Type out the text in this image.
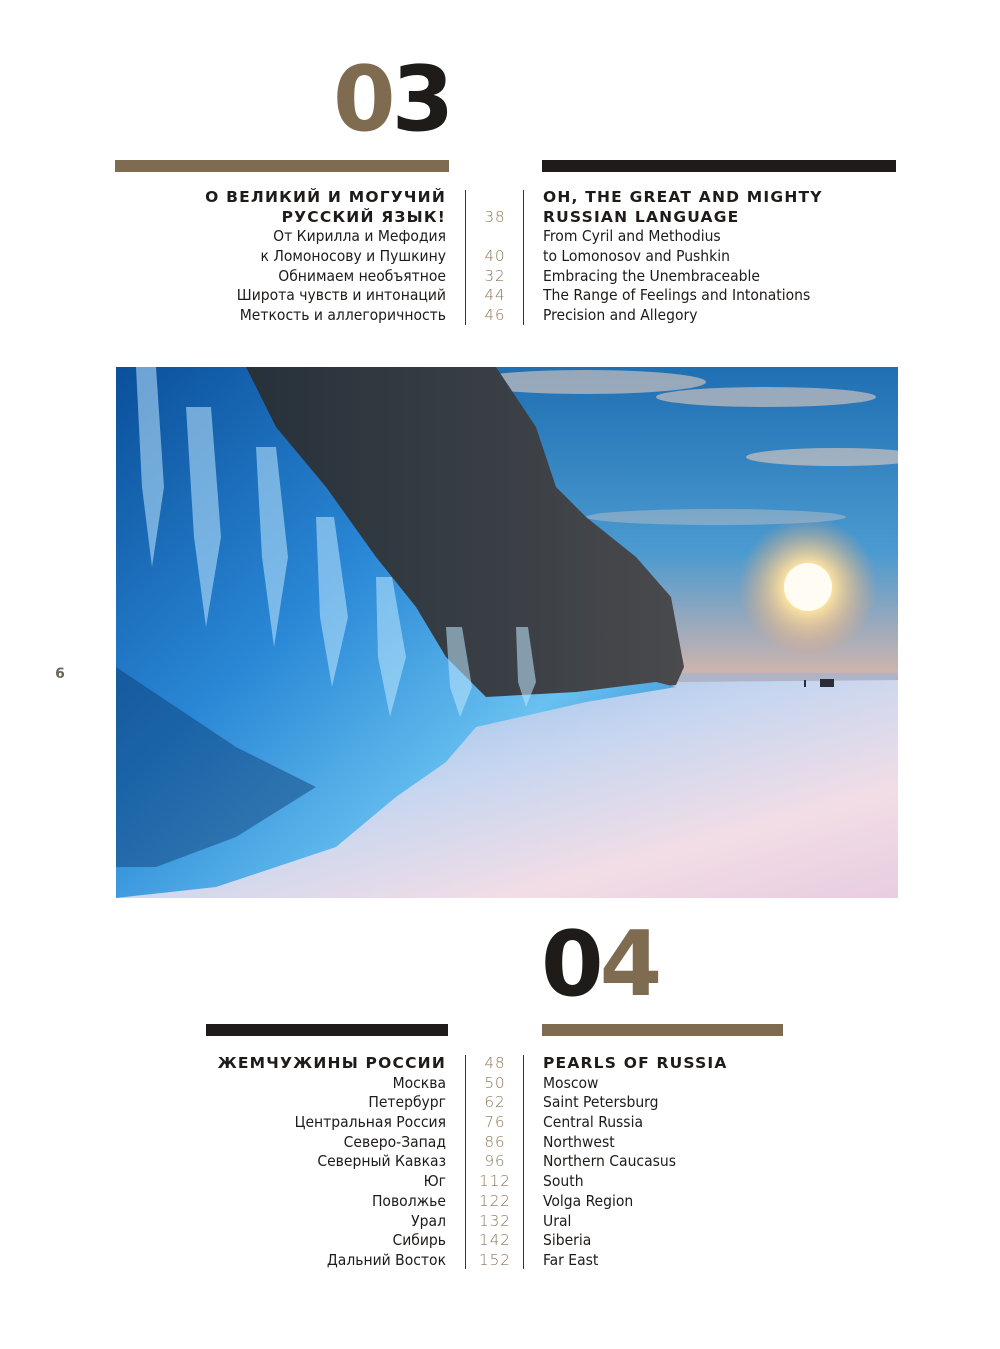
03
О ВЕЛИКИЙ И МОГУЧИЙ
РУССКИЙ ЯЗЫК!
От Кирилла и Мефодия
к Ломоносову и Пушкину
Обнимаем необъятное
Широта чувств и интонаций
Меткость и аллегоричность
38
40
32
44
46
OH, THE GREAT AND MIGHTY
RUSSIAN LANGUAGE
From Cyril and Methodius
to Lomonosov and Pushkin
Embracing the Unembraceable
The Range of Feelings and Intonations
Precision and Allegory
6
04
ЖЕМЧУЖИНЫ РОССИИ
Москва
Петербург
Центральная Россия
Северо-Запад
Северный Кавказ
Юг
Поволжье
Урал
Сибирь
Дальний Восток
48
50
62
76
86
96
112
122
132
142
152
PEARLS OF RUSSIA
Moscow
Saint Petersburg
Central Russia
Northwest
Northern Caucasus
South
Volga Region
Ural
Siberia
Far East
